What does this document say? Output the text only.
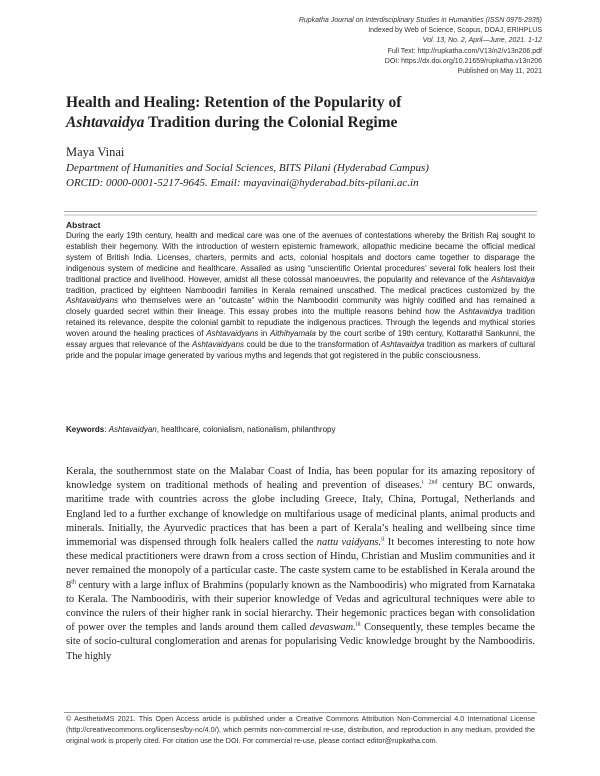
Rupkatha Journal on Interdisciplinary Studies in Humanities (ISSN 0975-2935)
Indexed by Web of Science, Scopus, DOAJ, ERIHPLUS
Vol. 13, No. 2, April—June, 2021. 1-12
Full Text: http://rupkatha.com/V13/n2/v13n206.pdf
DOI: https://dx.doi.org/10.21659/rupkatha.v13n206
Published on May 11, 2021
Health and Healing: Retention of the Popularity of
Ashtavaidya Tradition during the Colonial Regime
Maya Vinai
Department of Humanities and Social Sciences, BITS Pilani (Hyderabad Campus)
ORCID: 0000-0001-5217-9645. Email: mayavinai@hyderabad.bits-pilani.ac.in
Abstract
During the early 19th century, health and medical care was one of the avenues of contestations whereby the British Raj sought to establish their hegemony. With the introduction of western epistemic framework, allopathic medicine became the official medical system of British India. Licenses, charters, permits and acts, colonial hospitals and doctors came together to disparage the indigenous system of medicine and healthcare. Assailed as using “unscientific Oriental procedures’ several folk healers lost their traditional practice and livelihood. However, amidst all these colossal manoeuvres, the popularity and relevance of the Ashtavaidya tradition, practiced by eighteen Namboodiri families in Kerala remained unscathed. The medical practices customized by the Ashtavaidyans who themselves were an “outcaste” within the Namboodiri community was highly codified and has remained a closely guarded secret within their lineage. This essay probes into the multiple reasons behind how the Ashtavaidya tradition retained its relevance, despite the colonial gambit to repudiate the indigenous practices. Through the legends and mythical stories woven around the healing practices of Ashtavaidyans in Aithihyamala by the court scribe of 19th century, Kottarathil Sankunni, the essay argues that relevance of the Ashtavaidyans could be due to the transformation of Ashtavaidya tradition as markers of cultural pride and the popular image generated by various myths and legends that got registered in the public consciousness.
Keywords: Ashtavaidyan, healthcare, colonialism, nationalism, philanthropy
Kerala, the southernmost state on the Malabar Coast of India, has been popular for its amazing repository of knowledge system on traditional methods of healing and prevention of diseases.$^i$ $^{2nd}$ century BC onwards, maritime trade with countries across the globe including Greece, Italy, China, Portugal, Netherlands and England led to a further exchange of knowledge on multifarious usage of medicinal plants, animal products and minerals. Initially, the Ayurvedic practices that has been a part of Kerala’s healing and wellbeing since time immemorial was dispensed through folk healers called the nattu vaidyans.$^{ii}$ It becomes interesting to note how these medical practitioners were drawn from a cross section of Hindu, Christian and Muslim communities and it never remained the monopoly of a particular caste. The caste system came to be established in Kerala around the 8th century with a large influx of Brahmins (popularly known as the Namboodiris) who migrated from Karnataka to Kerala. The Namboodiris, with their superior knowledge of Vedas and agricultural techniques were able to convince the rulers of their higher rank in social hierarchy. Their hegemonic practices began with consolidation of power over the temples and lands around them called devaswam.$^{iii}$ Consequently, these temples became the site of socio-cultural conglomeration and arenas for popularising Vedic knowledge brought by the Namboodiris. The highly
© AesthetixMS 2021. This Open Access article is published under a Creative Commons Attribution Non-Commercial 4.0 International License (http://creativecommons.org/licenses/by-nc/4.0/), which permits non-commercial re-use, distribution, and reproduction in any medium, provided the original work is properly cited. For citation use the DOI. For commercial re-use, please contact editor@rupkatha.com.
